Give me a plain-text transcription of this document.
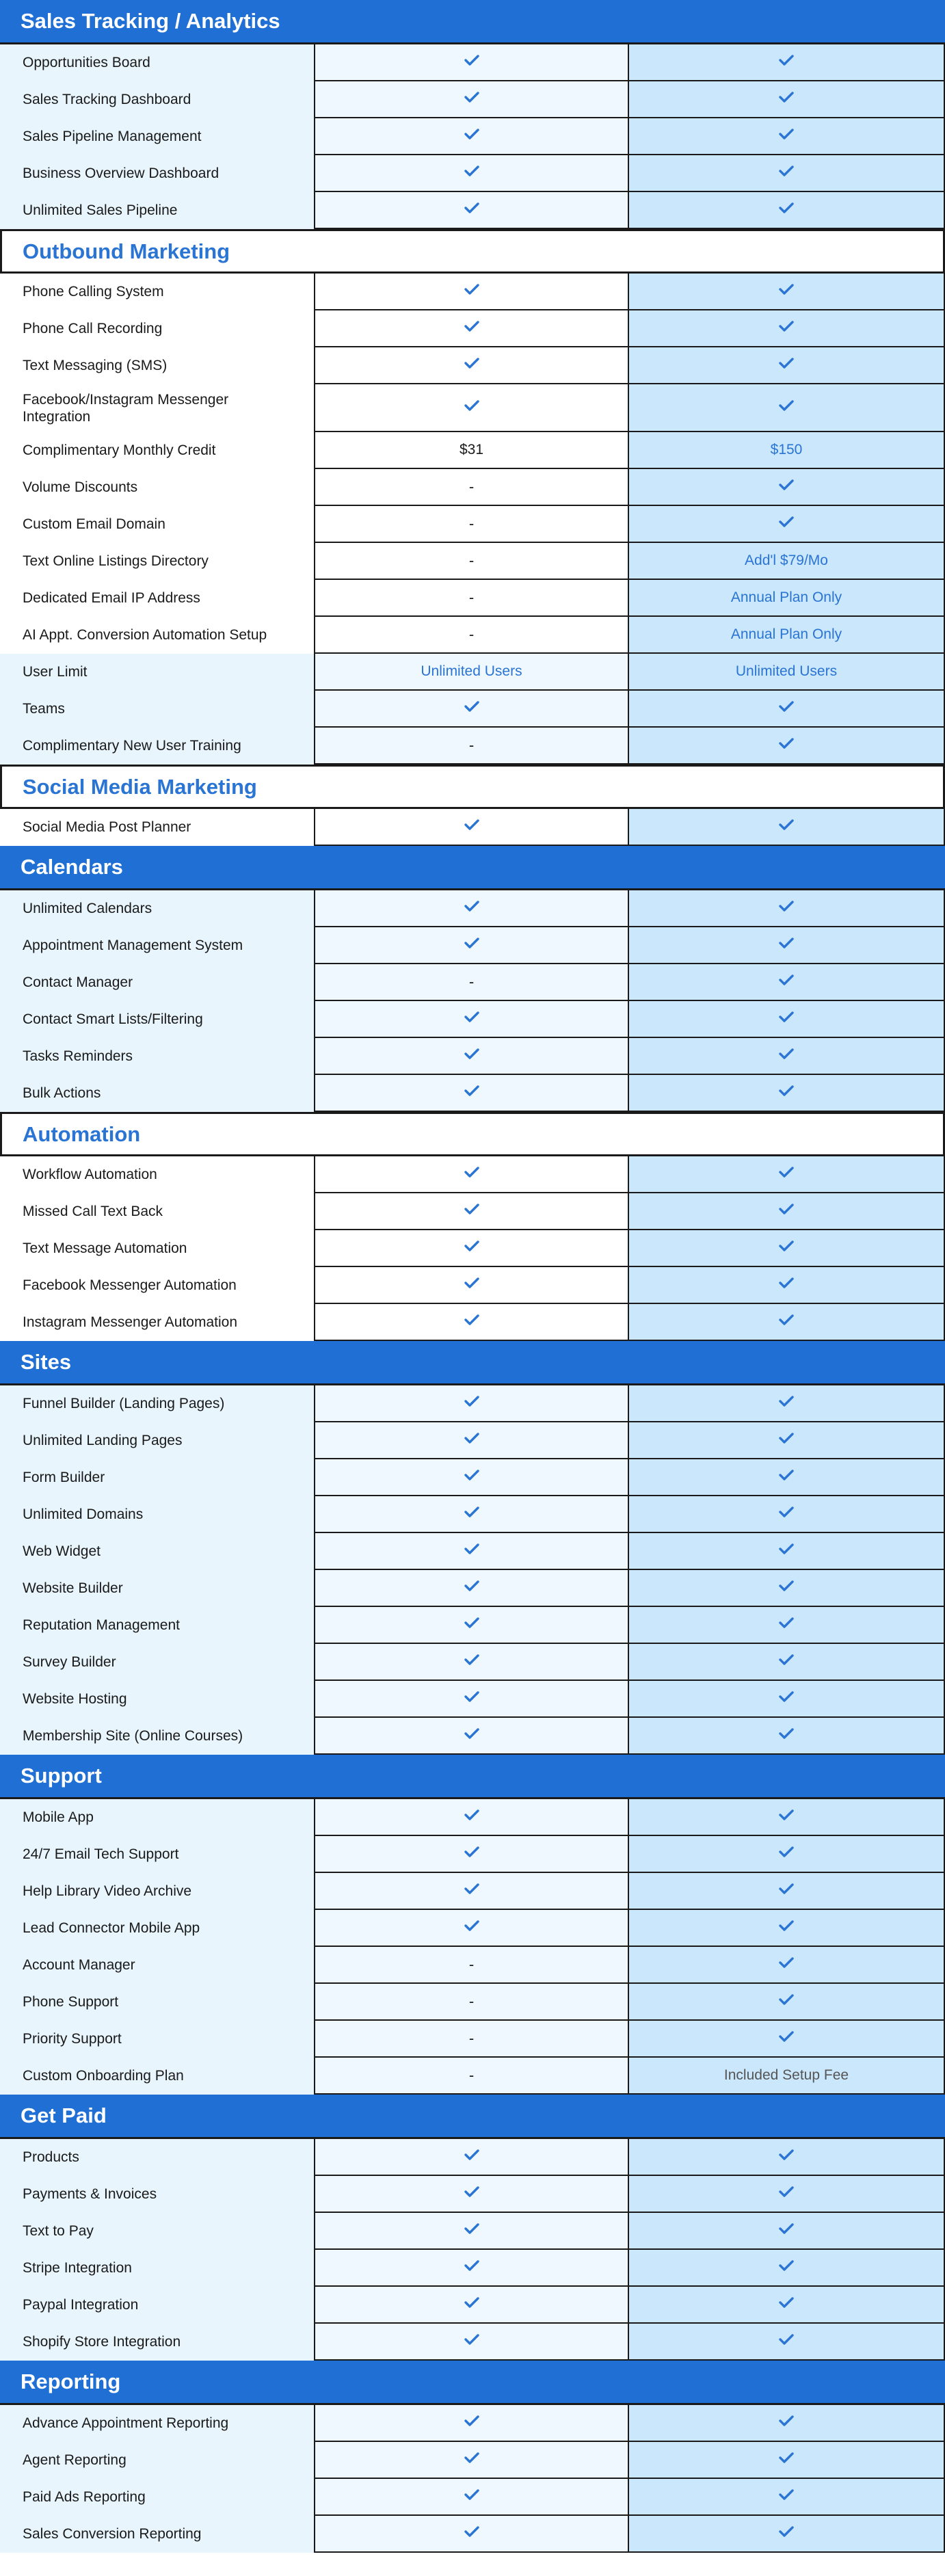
Sales Tracking / Analytics
Opportunities Board
Sales Tracking Dashboard
Sales Pipeline Management
Business Overview Dashboard
Unlimited Sales Pipeline
Outbound Marketing
Phone Calling System
Phone Call Recording
Text Messaging (SMS)
Facebook/Instagram Messenger Integration
Complimentary Monthly Credit	$31	$150
Volume Discounts	-
Custom Email Domain	-
Text Online Listings Directory	-	Add'l $79/Mo
Dedicated Email IP Address	-	Annual Plan Only
AI Appt. Conversion Automation Setup	-	Annual Plan Only
User Limit	Unlimited Users	Unlimited Users
Teams
Complimentary New User Training	-
Social Media Marketing
Social Media Post Planner
Calendars
Unlimited Calendars
Appointment Management System
Contact Manager	-
Contact Smart Lists/Filtering
Tasks Reminders
Bulk Actions
Automation
Workflow Automation
Missed Call Text Back
Text Message Automation
Facebook Messenger Automation
Instagram Messenger Automation
Sites
Funnel Builder (Landing Pages)
Unlimited Landing Pages
Form Builder
Unlimited Domains
Web Widget
Website Builder
Reputation Management
Survey Builder
Website Hosting
Membership Site (Online Courses)
Support
Mobile App
24/7 Email Tech Support
Help Library Video Archive
Lead Connector Mobile App
Account Manager	-
Phone Support	-
Priority Support	-
Custom Onboarding Plan	-	Included Setup Fee
Get Paid
Products
Payments & Invoices
Text to Pay
Stripe Integration
Paypal Integration
Shopify Store Integration
Reporting
Advance Appointment Reporting
Agent Reporting
Paid Ads Reporting
Sales Conversion Reporting
